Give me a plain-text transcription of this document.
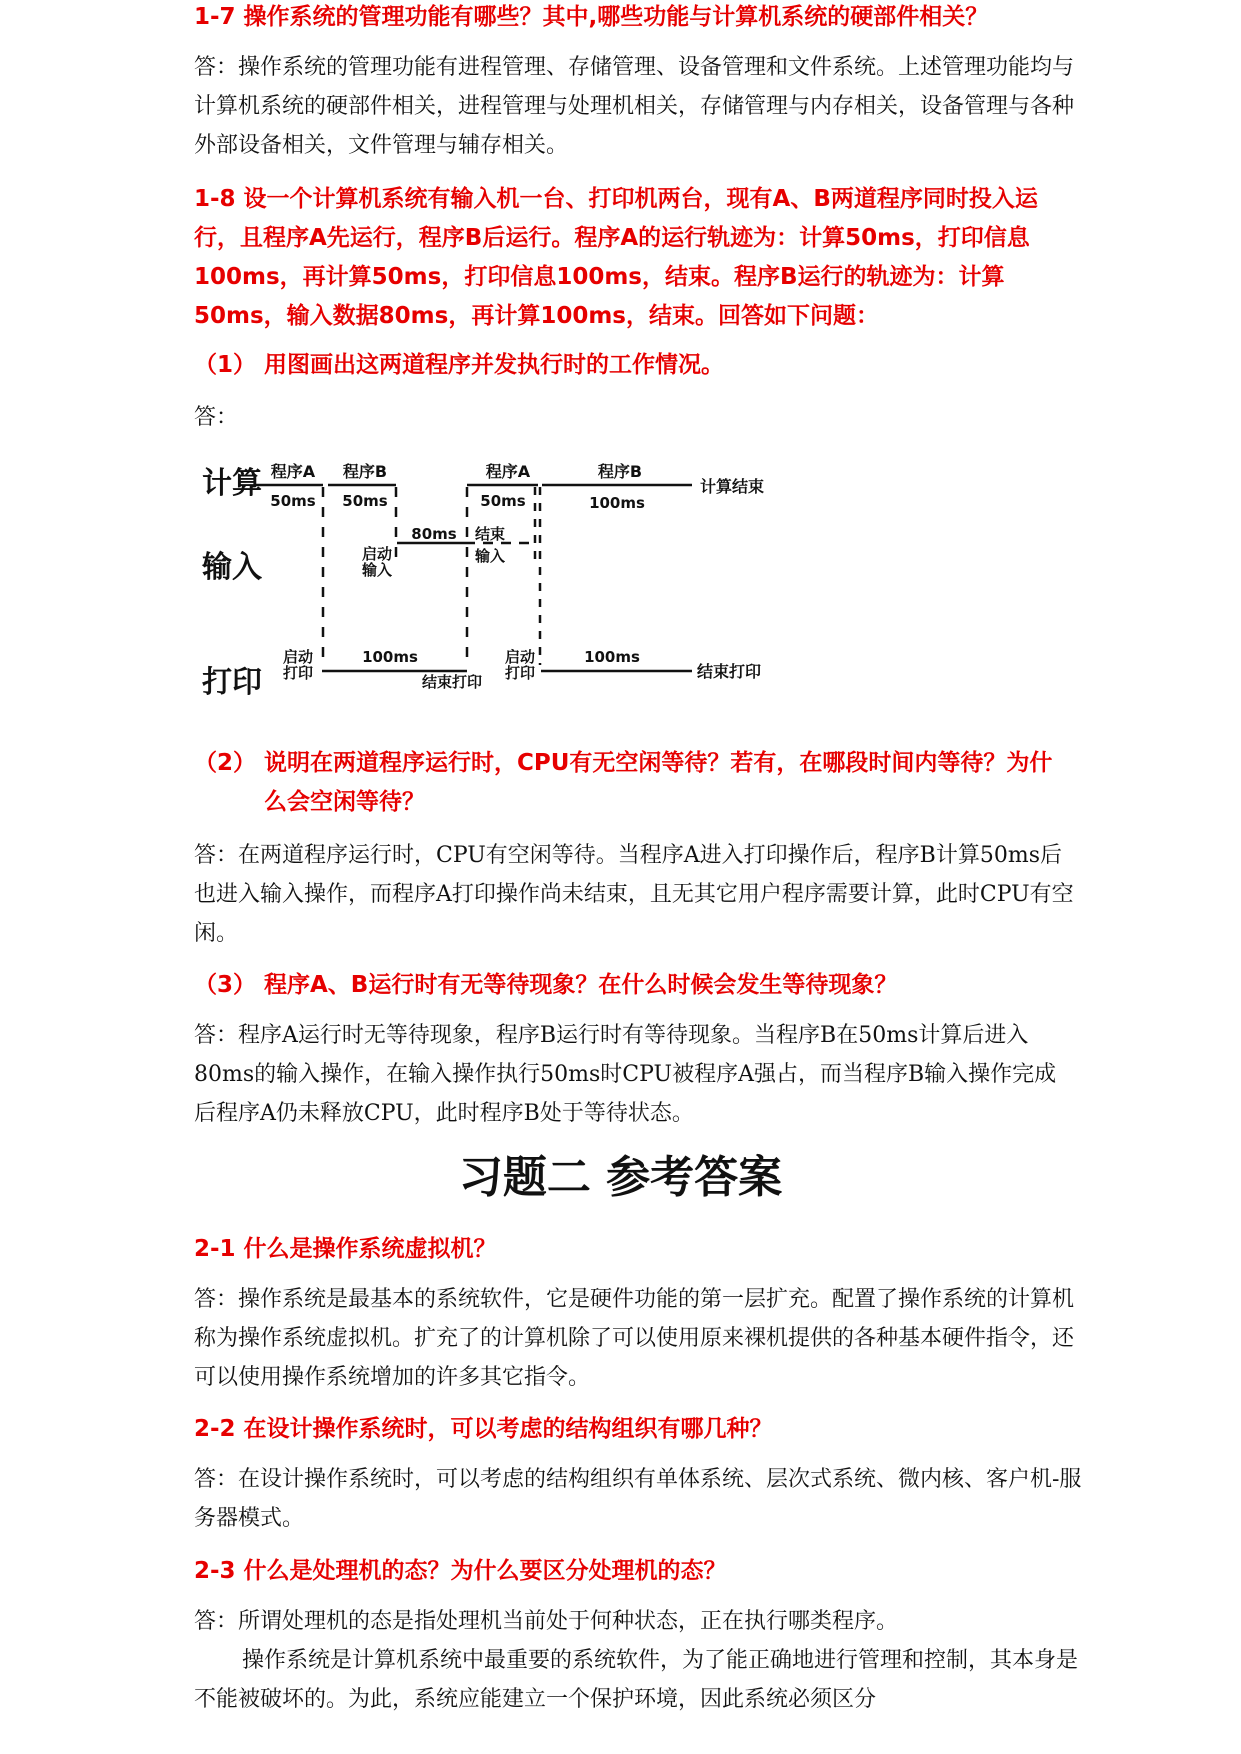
1-7 操作系统的管理功能有哪些？其中,哪些功能与计算机系统的硬部件相关？

答：操作系统的管理功能有进程管理、存储管理、设备管理和文件系统。上述管理功能均与计算机系统的硬部件相关，进程管理与处理机相关，存储管理与内存相关，设备管理与各种外部设备相关，文件管理与辅存相关。

1-8 设一个计算机系统有输入机一台、打印机两台，现有A、B两道程序同时投入运行，且程序A先运行，程序B后运行。程序A的运行轨迹为：计算50ms，打印信息100ms，再计算50ms，打印信息100ms，结束。程序B运行的轨迹为：计算50ms，输入数据80ms，再计算100ms，结束。回答如下问题：

（1） 用图画出这两道程序并发执行时的工作情况。

答：

计算
输入
打印
程序A
50ms
程序B
50ms
程序A
50ms
程序B
100ms
计算结束
启动
输入
80ms 结束
输入
启动
打印
100ms
结束打印
启动
打印
100ms
结束打印

（2） 说明在两道程序运行时，CPU有无空闲等待？若有，在哪段时间内等待？为什么会空闲等待？

答：在两道程序运行时，CPU有空闲等待。当程序A进入打印操作后，程序B计算50ms后也进入输入操作，而程序A打印操作尚未结束，且无其它用户程序需要计算，此时CPU有空闲。

（3） 程序A、B运行时有无等待现象？在什么时候会发生等待现象？

答：程序A运行时无等待现象，程序B运行时有等待现象。当程序B在50ms计算后进入80ms的输入操作，在输入操作执行50ms时CPU被程序A强占，而当程序B输入操作完成后程序A仍未释放CPU，此时程序B处于等待状态。

习题二 参考答案

2-1 什么是操作系统虚拟机？

答：操作系统是最基本的系统软件，它是硬件功能的第一层扩充。配置了操作系统的计算机称为操作系统虚拟机。扩充了的计算机除了可以使用原来裸机提供的各种基本硬件指令，还可以使用操作系统增加的许多其它指令。

2-2 在设计操作系统时，可以考虑的结构组织有哪几种？

答：在设计操作系统时，可以考虑的结构组织有单体系统、层次式系统、微内核、客户机-服务器模式。

2-3 什么是处理机的态？为什么要区分处理机的态？

答：所谓处理机的态是指处理机当前处于何种状态，正在执行哪类程序。
操作系统是计算机系统中最重要的系统软件，为了能正确地进行管理和控制，其本身是不能被破坏的。为此，系统应能建立一个保护环境，因此系统必须区分
